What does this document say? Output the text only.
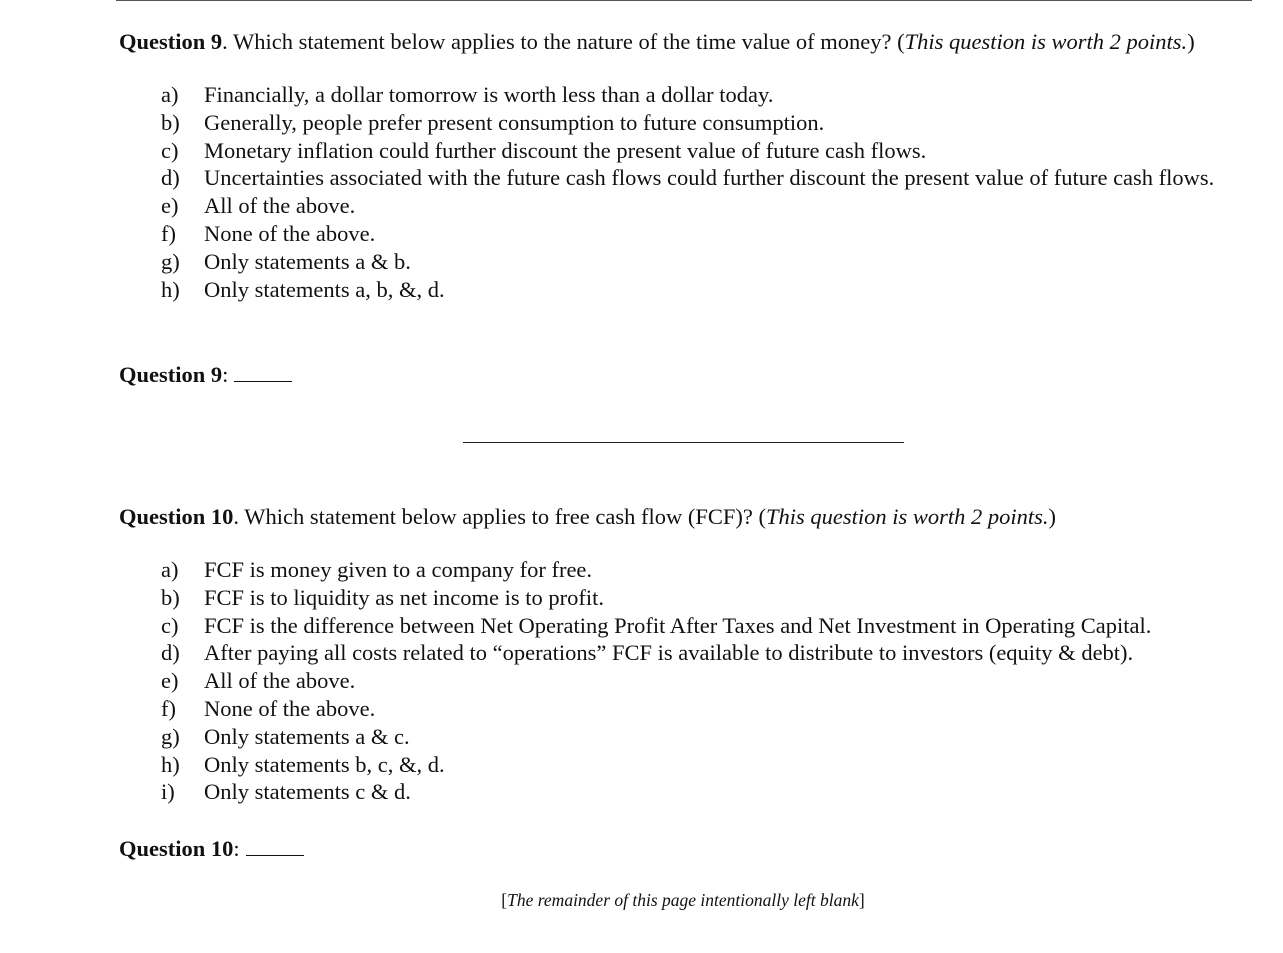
Question 9. Which statement below applies to the nature of the time value of money? (This question is worth 2 points.)

a)	Financially, a dollar tomorrow is worth less than a dollar today.
b)	Generally, people prefer present consumption to future consumption.
c)	Monetary inflation could further discount the present value of future cash flows.
d)	Uncertainties associated with the future cash flows could further discount the present value of future cash flows.
e)	All of the above.
f)	None of the above.
g)	Only statements a & b.
h)	Only statements a, b, &, d.
Question 9:

Question 10. Which statement below applies to free cash flow (FCF)? (This question is worth 2 points.)

a)	FCF is money given to a company for free.
b)	FCF is to liquidity as net income is to profit.
c)	FCF is the difference between Net Operating Profit After Taxes and Net Investment in Operating Capital.
d)	After paying all costs related to “operations” FCF is available to distribute to investors (equity & debt).
e)	All of the above.
f)	None of the above.
g)	Only statements a & c.
h)	Only statements b, c, &, d.
i)	Only statements c & d.
Question 10:
[The remainder of this page intentionally left blank]
